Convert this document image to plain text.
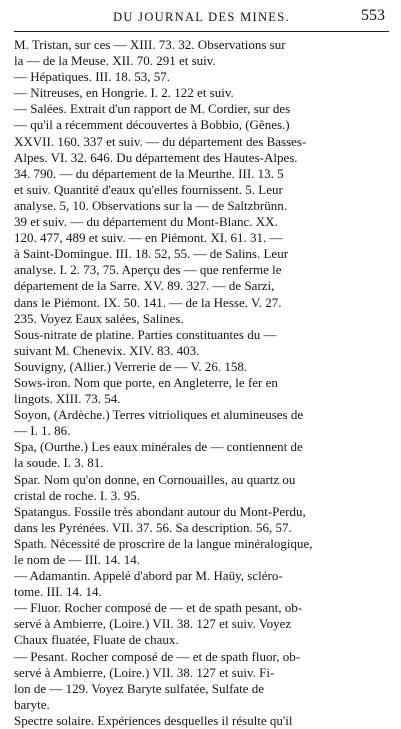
DU JOURNAL DES MINES.	553
M. Tristan, sur ces — XIII. 73. 32. Observations sur
la — de la Meuse. XII. 70. 291 et suiv.
— Hépatiques. III. 18. 53, 57.
— Nitreuses, en Hongrie. I. 2. 122 et suiv.
— Salées. Extrait d'un rapport de M. Cordier, sur des
— qu'il a récemment découvertes à Bobbio, (Gênes.)
XXVII. 160. 337 et suiv. — du département des Basses-
Alpes. VI. 32. 646. Du département des Hautes-Alpes.
34. 790. — du département de la Meurthe. III. 13. 5
et suiv. Quantité d'eaux qu'elles fournissent. 5. Leur
analyse. 5, 10. Observations sur la — de Saltzbrünn.
39 et suiv. — du département du Mont-Blanc. XX.
120. 477, 489 et suiv. — en Piémont. XI. 61. 31. —
à Saint-Domingue. III. 18. 52, 55. — de Salins. Leur
analyse. I. 2. 73, 75. Aperçu des — que renferme le
département de la Sarre. XV. 89. 327. — de Sarzi,
dans le Piémont. IX. 50. 141. — de la Hesse. V. 27.
235. Voyez Eaux salées, Salines.
Sous-nitrate de platine. Parties constituantes du —
suivant M. Chenevix. XIV. 83. 403.
Souvigny, (Allier.) Verrerie de — V. 26. 158.
Sows-iron. Nom que porte, en Angleterre, le fer en
lingots. XIII. 73. 54.
Soyon, (Ardèche.) Terres vitrioliques et alumineuses de
— I. 1. 86.
Spa, (Ourthe.) Les eaux minérales de — contiennent de
la soude. I. 3. 81.
Spar. Nom qu'on donne, en Cornouailles, au quartz ou
cristal de roche. I. 3. 95.
Spatangus. Fossile très abondant autour du Mont-Perdu,
dans les Pyrénées. VII. 37. 56. Sa description. 56, 57.
Spath. Nécessité de proscrire de la langue minéralogique,
le nom de — III. 14. 14.
— Adamantin. Appelé d'abord par M. Haüy, scléro-
tome. III. 14. 14.
— Fluor. Rocher composé de — et de spath pesant, ob-
servé à Ambierre, (Loire.) VII. 38. 127 et suiv. Voyez
Chaux fluatée, Fluate de chaux.
— Pesant. Rocher composé de — et de spath fluor, ob-
servé à Ambierre, (Loire.) VII. 38. 127 et suiv. Fi-
lon de — 129. Voyez Baryte sulfatée, Sulfate de
baryte.
Spectre solaire. Expériences desquelles il résulte qu'il
